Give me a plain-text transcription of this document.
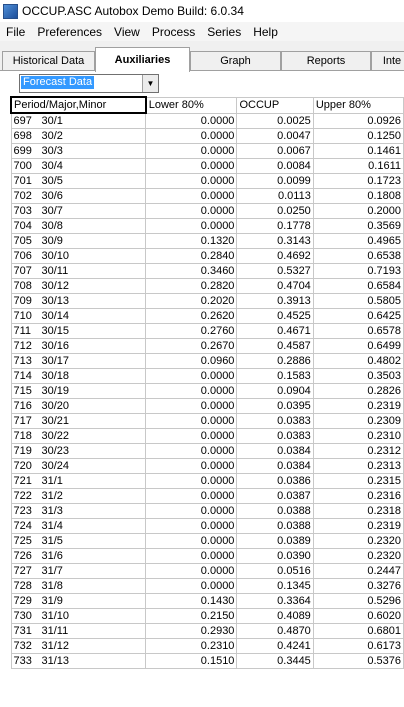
OCCUP.ASC Autobox Demo Build: 6.0.34
File	Preferences	View	Process	Series	Help
Historical Data	Auxiliaries	Graph	Reports	Inte
Forecast Data	▼
Period/Major,Minor	Lower 80%	OCCUP	Upper 80%
697 30/1	0.0000	0.0025	0.0926
698 30/2	0.0000	0.0047	0.1250
699 30/3	0.0000	0.0067	0.1461
700 30/4	0.0000	0.0084	0.1611
701 30/5	0.0000	0.0099	0.1723
702 30/6	0.0000	0.0113	0.1808
703 30/7	0.0000	0.0250	0.2000
704 30/8	0.0000	0.1778	0.3569
705 30/9	0.1320	0.3143	0.4965
706 30/10	0.2840	0.4692	0.6538
707 30/11	0.3460	0.5327	0.7193
708 30/12	0.2820	0.4704	0.6584
709 30/13	0.2020	0.3913	0.5805
710 30/14	0.2620	0.4525	0.6425
711 30/15	0.2760	0.4671	0.6578
712 30/16	0.2670	0.4587	0.6499
713 30/17	0.0960	0.2886	0.4802
714 30/18	0.0000	0.1583	0.3503
715 30/19	0.0000	0.0904	0.2826
716 30/20	0.0000	0.0395	0.2319
717 30/21	0.0000	0.0383	0.2309
718 30/22	0.0000	0.0383	0.2310
719 30/23	0.0000	0.0384	0.2312
720 30/24	0.0000	0.0384	0.2313
721 31/1	0.0000	0.0386	0.2315
722 31/2	0.0000	0.0387	0.2316
723 31/3	0.0000	0.0388	0.2318
724 31/4	0.0000	0.0388	0.2319
725 31/5	0.0000	0.0389	0.2320
726 31/6	0.0000	0.0390	0.2320
727 31/7	0.0000	0.0516	0.2447
728 31/8	0.0000	0.1345	0.3276
729 31/9	0.1430	0.3364	0.5296
730 31/10	0.2150	0.4089	0.6020
731 31/11	0.2930	0.4870	0.6801
732 31/12	0.2310	0.4241	0.6173
733 31/13	0.1510	0.3445	0.5376
